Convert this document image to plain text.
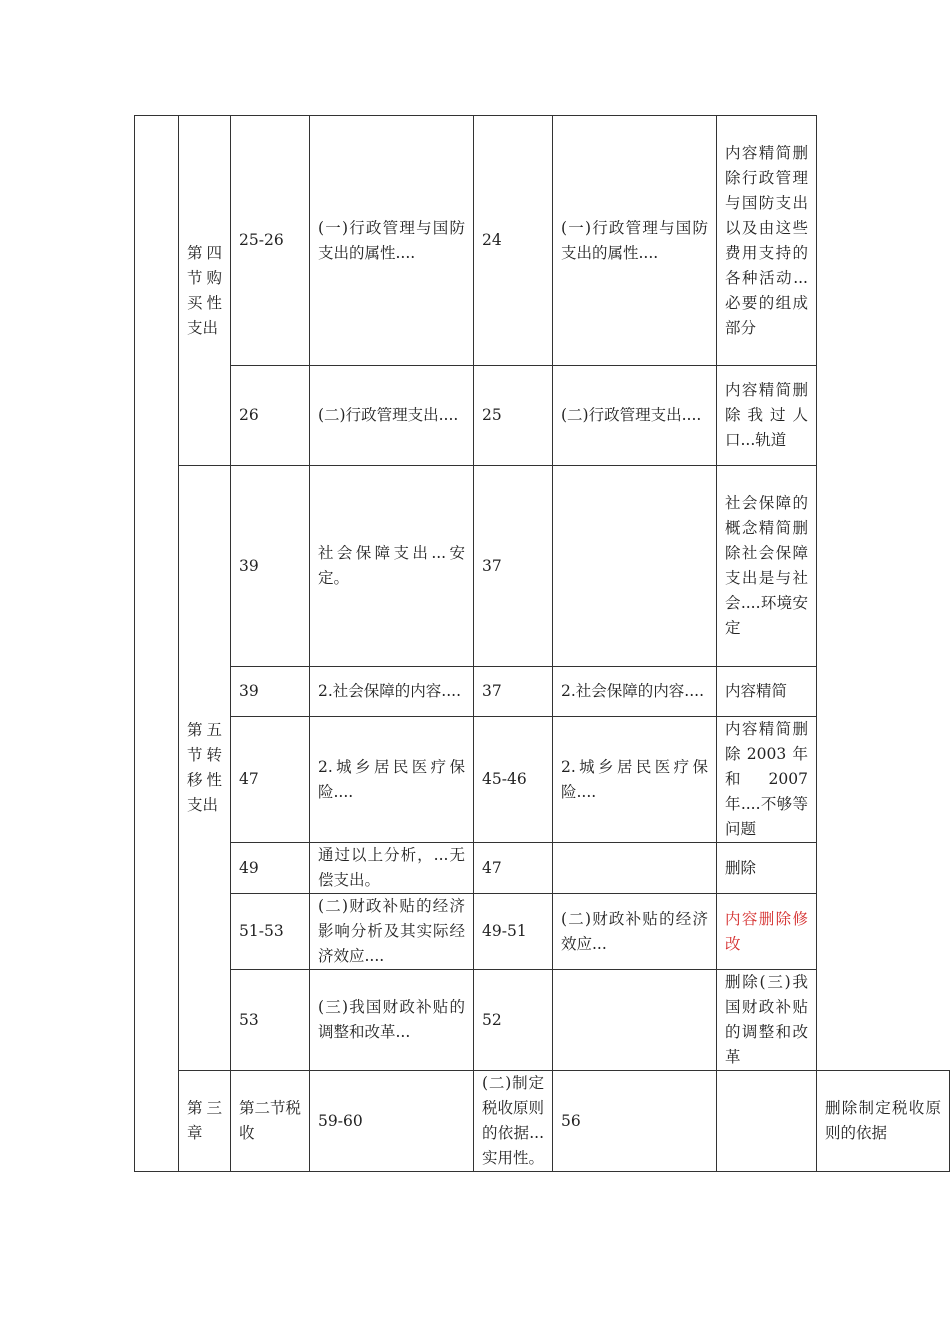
	第四节购买性支出	25-26	(一)行政管理与国防支出的属性....	24	(一)行政管理与国防支出的属性....	内容精简删除行政管理与国防支出以及由这些费用支持的各种活动...必要的组成部分	
		26	(二)行政管理支出....	25	(二)行政管理支出....	内容精简删除我过人口...轨道	
	第五节转移性支出	39	社会保障支出...安定。	37		社会保障的概念精简删除社会保障支出是与社会....环境安定	
		39	2.社会保障的内容....	37	2.社会保障的内容....	内容精简	
		47	2.城乡居民医疗保险....	45-46	2.城乡居民医疗保险....	内容精简删除2003年和2007年....不够等问题	
		49	通过以上分析，...无偿支出。	47		删除	
		51-53	(二)财政补贴的经济影响分析及其实际经济效应....	49-51	(二)财政补贴的经济效应...	内容删除修改	
		53	(三)我国财政补贴的调整和改革...	52		删除(三)我国财政补贴的调整和改革	
	第三章	第二节税收	59-60	(二)制定税收原则的依据...实用性。	56		删除制定税收原则的依据
